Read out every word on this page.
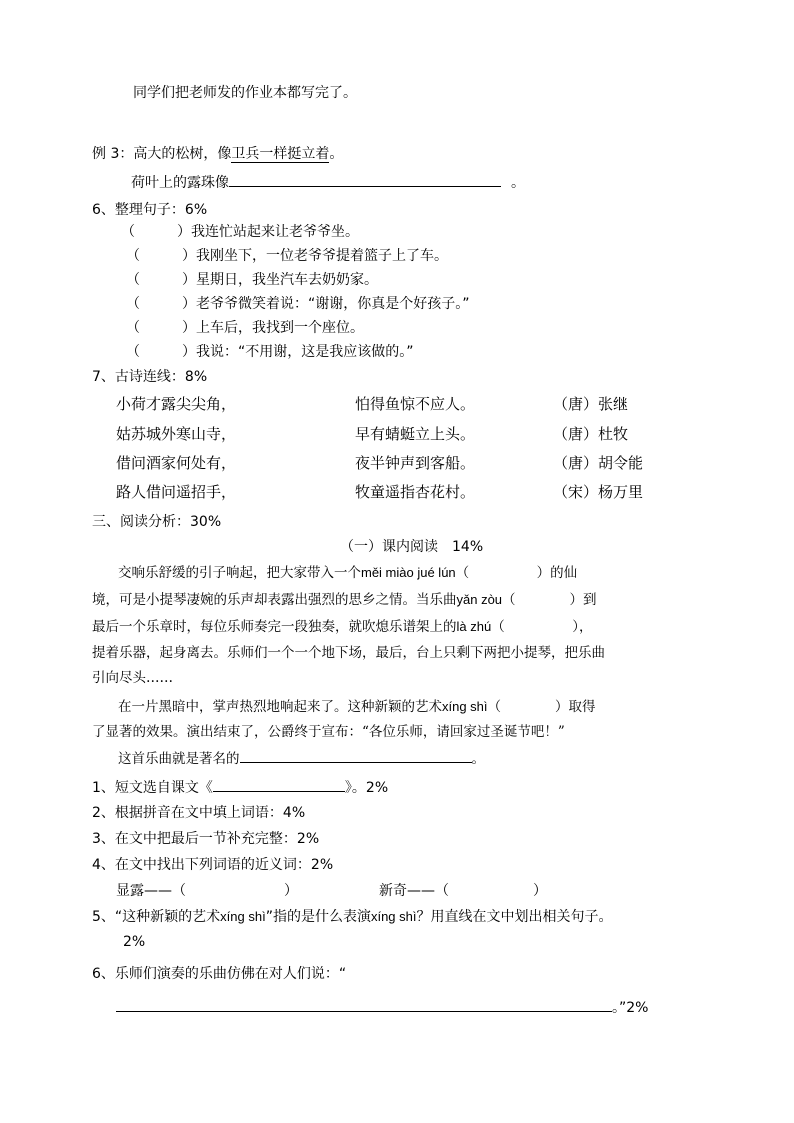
同学们把老师发的作业本都写完了。
例 3：高大的松树，像卫兵一样挺立着。
荷叶上的露珠像	。
6、整理句子：6%
（　　　）我连忙站起来让老爷爷坐。
（　　　）我刚坐下，一位老爷爷提着篮子上了车。
（　　　）星期日，我坐汽车去奶奶家。
（　　　）老爷爷微笑着说：“谢谢，你真是个好孩子。”
（　　　）上车后，我找到一个座位。
（　　　）我说：“不用谢，这是我应该做的。”
7、古诗连线：8%
小荷才露尖尖角，	怕得鱼惊不应人。	（唐）张继
姑苏城外寒山寺，	早有蜻蜓立上头。	（唐）杜牧
借问酒家何处有，	夜半钟声到客船。	（唐）胡令能
路人借问遥招手，	牧童遥指杏花村。	（宋）杨万里
三、阅读分析：30%
（一）课内阅读　14%
交响乐舒缓的引子响起，把大家带入一个měi miào jué lún（　　　　　）的仙
境，可是小提琴凄婉的乐声却表露出强烈的思乡之情。当乐曲yǎn zòu（　　　　）到
最后一个乐章时，每位乐师奏完一段独奏，就吹熄乐谱架上的là zhú（　　　　　），
提着乐器，起身离去。乐师们一个一个地下场，最后，台上只剩下两把小提琴，把乐曲
引向尽头……
在一片黑暗中，掌声热烈地响起来了。这种新颖的艺术xíng shì（　　　　）取得
了显著的效果。演出结束了，公爵终于宣布：“各位乐师，请回家过圣诞节吧！”
这首乐曲就是著名的	。
1、短文选自课文《	》。2%
2、根据拼音在文中填上词语：4%
3、在文中把最后一节补充完整：2%
4、在文中找出下列词语的近义词：2%
显露——（　　　　　　　）	新奇——（　　　　　　）
5、“这种新颖的艺术xíng shì”指的是什么表演xíng shì？用直线在文中划出相关句子。
2%
6、乐师们演奏的乐曲仿佛在对人们说：“
。”2%
